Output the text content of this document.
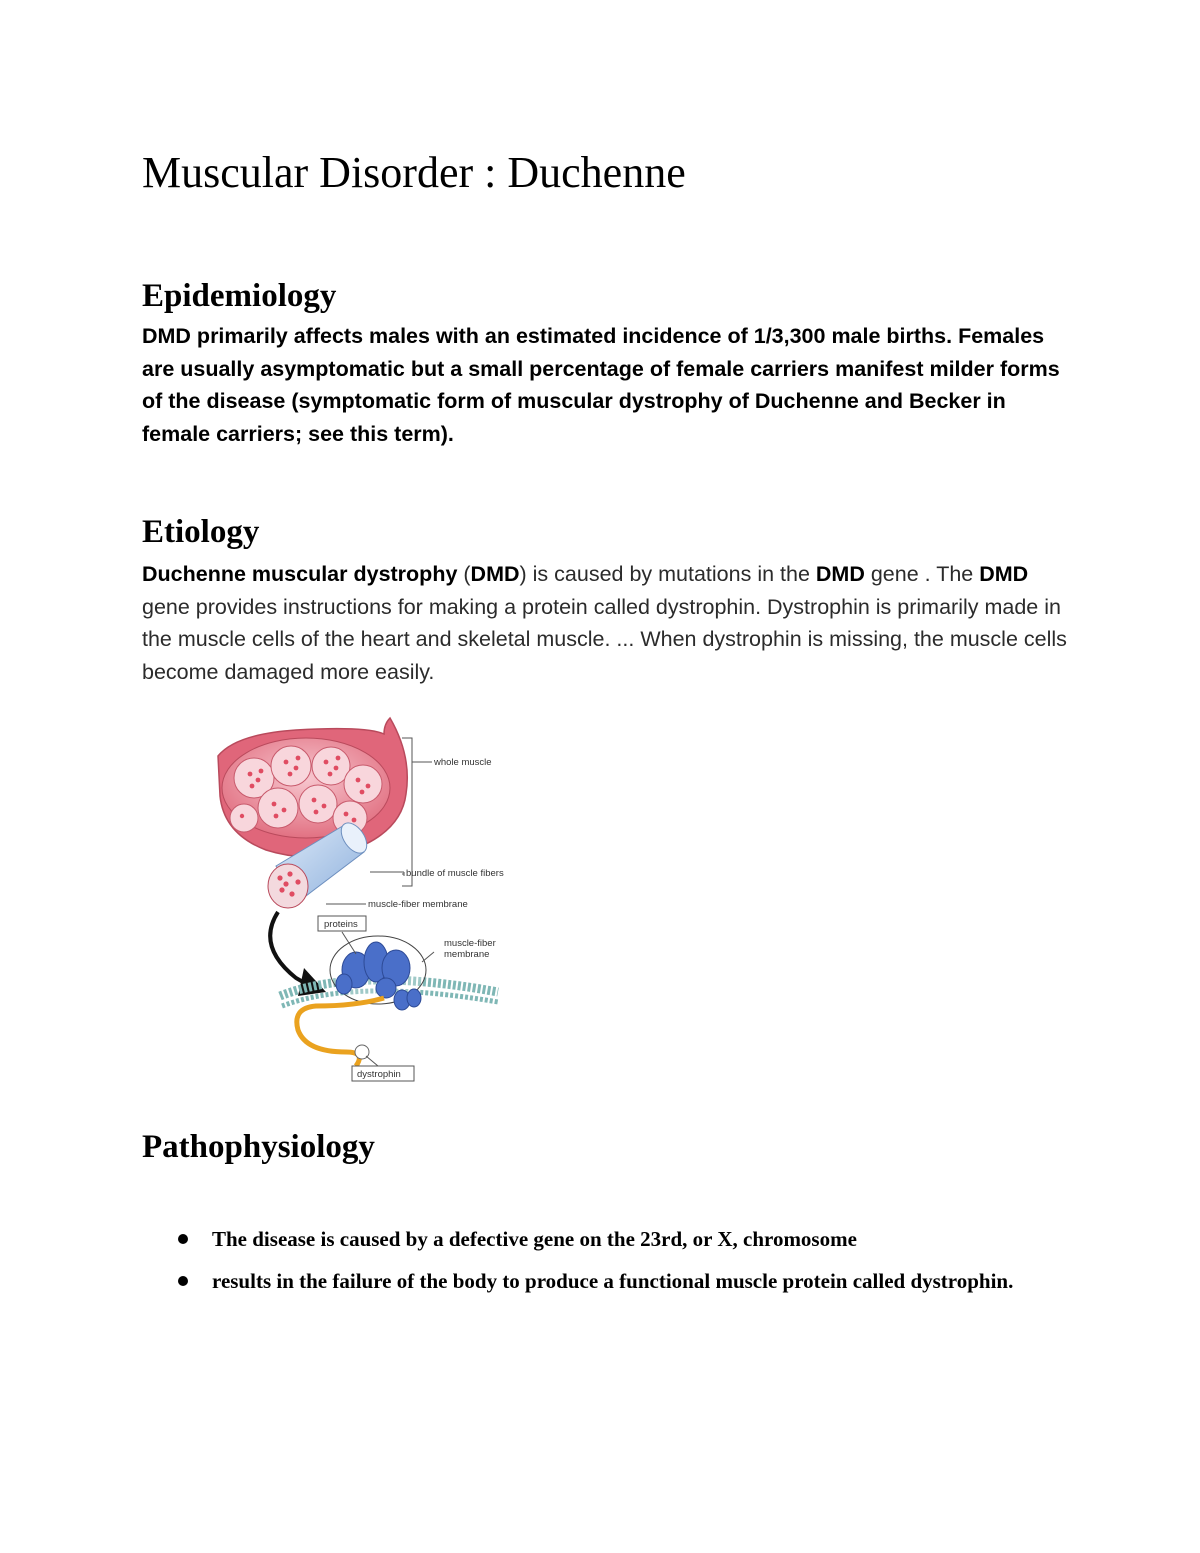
Muscular Disorder : Duchenne
Epidemiology

DMD primarily affects males with an estimated incidence of 1/3,300 male births. Females are usually asymptomatic but a small percentage of female carriers manifest milder forms of the disease (symptomatic form of muscular dystrophy of Duchenne and Becker in female carriers; see this term).

Etiology

Duchenne muscular dystrophy (DMD) is caused by mutations in the DMD gene . The DMD gene provides instructions for making a protein called dystrophin. Dystrophin is primarily made in the muscle cells of the heart and skeletal muscle. ... When dystrophin is missing, the muscle cells become damaged more easily.

whole muscle
bundle of muscle fibers
muscle-fiber membrane
proteins
muscle-fiber
membrane
dystrophin
Pathophysiology
The disease is caused by a defective gene on the 23rd, or X, chromosome
results in the failure of the body to produce a functional muscle protein called dystrophin.
